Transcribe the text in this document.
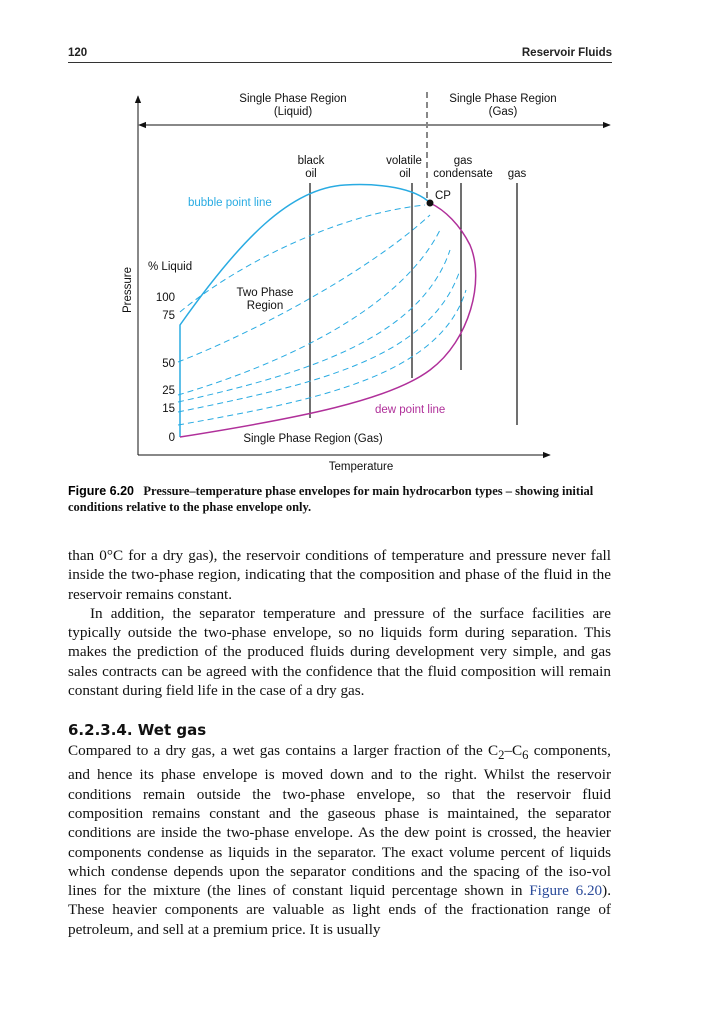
120	Reservoir Fluids
Pressure
Temperature
Single Phase Region
(Liquid)
Single Phase Region
(Gas)
black
oil
volatile
oil
gas
condensate gas
CP
bubble point line
dew point line
Two Phase
Region
% Liquid
100
75
50
25
15
0	Single Phase Region (Gas)
Figure 6.20 Pressure–temperature phase envelopes for main hydrocarbon types – showing initial conditions relative to the phase envelope only.

than 0°C for a dry gas), the reservoir conditions of temperature and pressure never fall inside the two-phase region, indicating that the composition and phase of the fluid in the reservoir remains constant.

In addition, the separator temperature and pressure of the surface facilities are typically outside the two-phase envelope, so no liquids form during separation. This makes the prediction of the produced fluids during development very simple, and gas sales contracts can be agreed with the confidence that the fluid composition will remain constant during field life in the case of a dry gas.

6.2.3.4. Wet gas

Compared to a dry gas, a wet gas contains a larger fraction of the $C_2-C_6$ components, and hence its phase envelope is moved down and to the right. Whilst the reservoir conditions remain outside the two-phase envelope, so that the reservoir fluid composition remains constant and the gaseous phase is maintained, the separator conditions are inside the two-phase envelope. As the dew point is crossed, the heavier components condense as liquids in the separator. The exact volume percent of liquids which condense depends upon the separator conditions and the spacing of the iso-vol lines for the mixture (the lines of constant liquid percentage shown in Figure 6.20). These heavier components are valuable as light ends of the fractionation range of petroleum, and sell at a premium price. It is usually
